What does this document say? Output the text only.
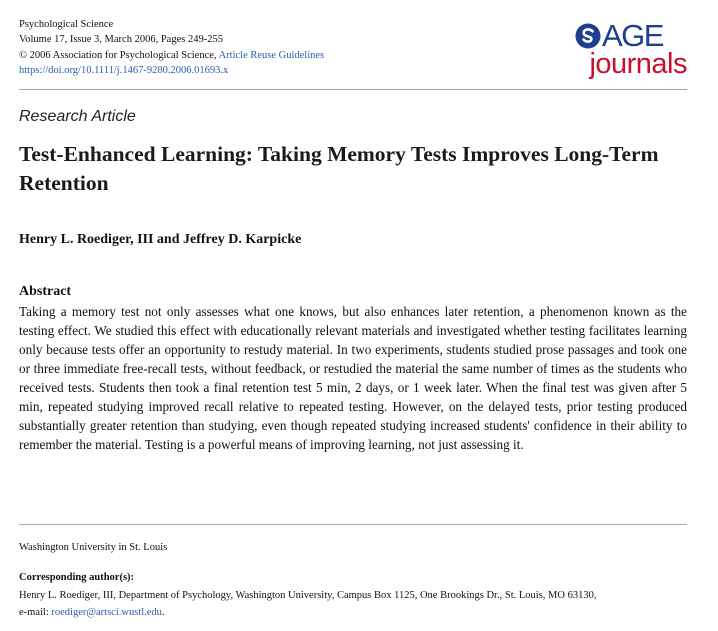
Psychological Science
Volume 17, Issue 3, March 2006, Pages 249-255
© 2006 Association for Psychological Science, Article Reuse Guidelines
https://doi.org/10.1111/j.1467-9280.2006.01693.x
AGE
journals
Research Article
Test-Enhanced Learning: Taking Memory Tests Improves Long-Term Retention
Henry L. Roediger, III and Jeffrey D. Karpicke
Abstract

Taking a memory test not only assesses what one knows, but also enhances later retention, a phenomenon known as the testing effect. We studied this effect with educationally relevant materials and investigated whether testing facilitates learning only because tests offer an opportunity to restudy material. In two experiments, students studied prose passages and took one or three immediate free-recall tests, without feedback, or restudied the material the same number of times as the students who received tests. Students then took a final retention test 5 min, 2 days, or 1 week later. When the final test was given after 5 min, repeated studying improved recall relative to repeated testing. However, on the delayed tests, prior testing produced substantially greater retention than studying, even though repeated studying increased students' confidence in their ability to remember the material. Testing is a powerful means of improving learning, not just assessing it.

Washington University in St. Louis
Corresponding author(s):

Henry L. Roediger, III, Department of Psychology, Washington University, Campus Box 1125, One Brookings Dr., St. Louis, MO 63130,
e-mail: roediger@artsci.wustl.edu.
